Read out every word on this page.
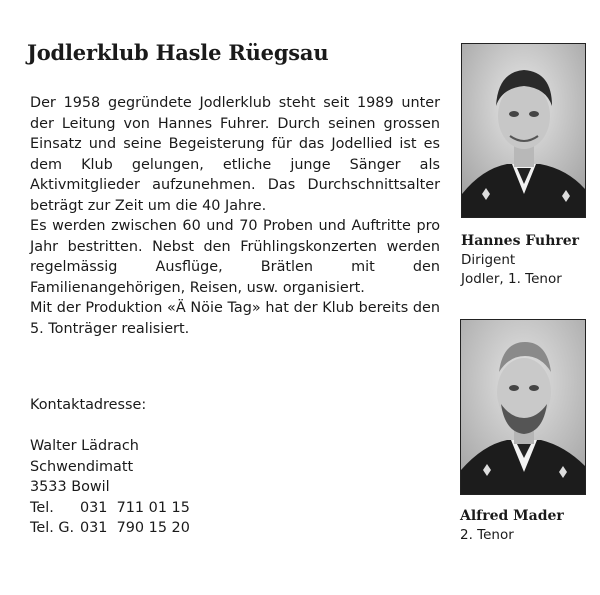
Jodlerklub Hasle Rüegsau

Der 1958 gegründete Jodlerklub steht seit 1989 unter der Leitung von Hannes Fuhrer. Durch seinen grossen Einsatz und seine Begeisterung für das Jodellied ist es dem Klub gelungen, etliche junge Sänger als Aktivmitglieder aufzunehmen. Das Durchschnittsalter beträgt zur Zeit um die 40 Jahre.

Es werden zwischen 60 und 70 Proben und Auftritte pro Jahr bestritten. Nebst den Frühlingskonzerten werden regelmässig Ausflüge, Brätlen mit den Familienangehörigen, Reisen, usw. organisiert.

Mit der Produktion «Ä Nöie Tag» hat der Klub bereits den 5. Tonträger realisiert.

Kontaktadresse:
Walter Lädrach
Schwendimatt
3533 Bowil
Tel. 031  711 01 15
Tel. G. 031  790 15 20
Hannes Fuhrer
Dirigent
Jodler, 1. Tenor
Alfred Mader
2. Tenor
